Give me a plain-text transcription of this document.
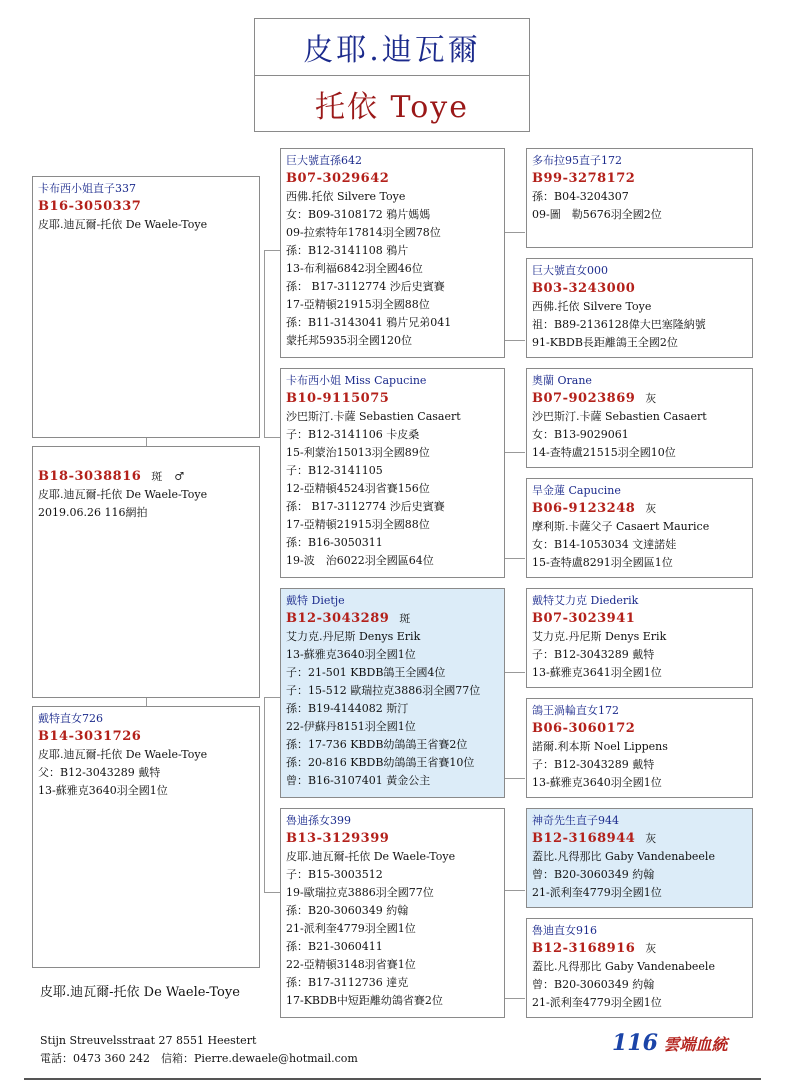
皮耶.迪瓦爾
托依 Toye
卡布西小姐直子337
B16-3050337
皮耶.迪瓦爾-托依 De Waele-Toye
B18-3038816 斑　♂
皮耶.迪瓦爾-托依 De Waele-Toye
2019.06.26 116網拍
戴特直女726
B14-3031726
皮耶.迪瓦爾-托依 De Waele-Toye
父：B12-3043289 戴特
13-蘇雅克3640羽全國1位
巨大號直孫642
B07-3029642
西佛.托依 Silvere Toye
女：B09-3108172 鴉片媽媽
09-拉索特年17814羽全國78位
孫：B12-3141108 鴉片
13-布利福6842羽全國46位
孫： B17-3112774 沙后史賓賽
17-亞精頓21915羽全國88位
孫：B11-3143041 鴉片兄弟041
蒙托邦5935羽全國120位
卡布西小姐 Miss Capucine
B10-9115075
沙巴斯汀.卡薩 Sebastien Casaert
子：B12-3141106 卡皮桑
15-利蒙治15013羽全國89位
子：B12-3141105
12-亞精頓4524羽省賽156位
孫： B17-3112774 沙后史賓賽
17-亞精頓21915羽全國88位
孫：B16-3050311
19-波　治6022羽全國區64位
戴特 Dietje
B12-3043289 斑
艾力克.丹尼斯 Denys Erik
13-蘇雅克3640羽全國1位
子：21-501 KBDB鴿王全國4位
子：15-512 歐瑞拉克3886羽全國77位
孫：B19-4144082 斯汀
22-伊蘇丹8151羽全國1位
孫：17-736 KBDB幼鴿鴿王省賽2位
孫：20-816 KBDB幼鴿鴿王省賽10位
曾：B16-3107401 黃金公主
魯迪孫女399
B13-3129399
皮耶.迪瓦爾-托依 De Waele-Toye
子：B15-3003512
19-歐瑞拉克3886羽全國77位
孫：B20-3060349 約翰
21-派利奎4779羽全國1位
孫：B21-3060411
22-亞精頓3148羽省賽1位
孫：B17-3112736 達克
17-KBDB中短距離幼鴿省賽2位
多布拉95直子172
B99-3278172
孫：B04-3204307
09-圖　勒5676羽全國2位
巨大號直女000
B03-3243000
西佛.托依 Silvere Toye
祖：B89-2136128偉大巴塞隆納號
91-KBDB長距離鴿王全國2位
奧蘭 Orane
B07-9023869 灰
沙巴斯汀.卡薩 Sebastien Casaert
女：B13-9029061
14-查特盧21515羽全國10位
旱金蓮 Capucine
B06-9123248 灰
摩利斯.卡薩父子 Casaert Maurice
女：B14-1053034 文達諾娃
15-查特盧8291羽全國區1位
戴特艾力克 Diederik
B07-3023941
艾力克.丹尼斯 Denys Erik
子：B12-3043289 戴特
13-蘇雅克3641羽全國1位
鴿王渦輪直女172
B06-3060172
諾爾.利本斯 Noel Lippens
子：B12-3043289 戴特
13-蘇雅克3640羽全國1位
神奇先生直子944
B12-3168944 灰
蓋比.凡得那比 Gaby Vandenabeele
曾：B20-3060349 約翰
21-派利奎4779羽全國1位
魯迪直女916
B12-3168916 灰
蓋比.凡得那比 Gaby Vandenabeele
曾：B20-3060349 約翰
21-派利奎4779羽全國1位
皮耶.迪瓦爾-托依 De Waele-Toye
Stijn Streuvelsstraat 27 8551 Heestert
電話：0473 360 242　信箱：Pierre.dewaele@hotmail.com
116 雲端血統
